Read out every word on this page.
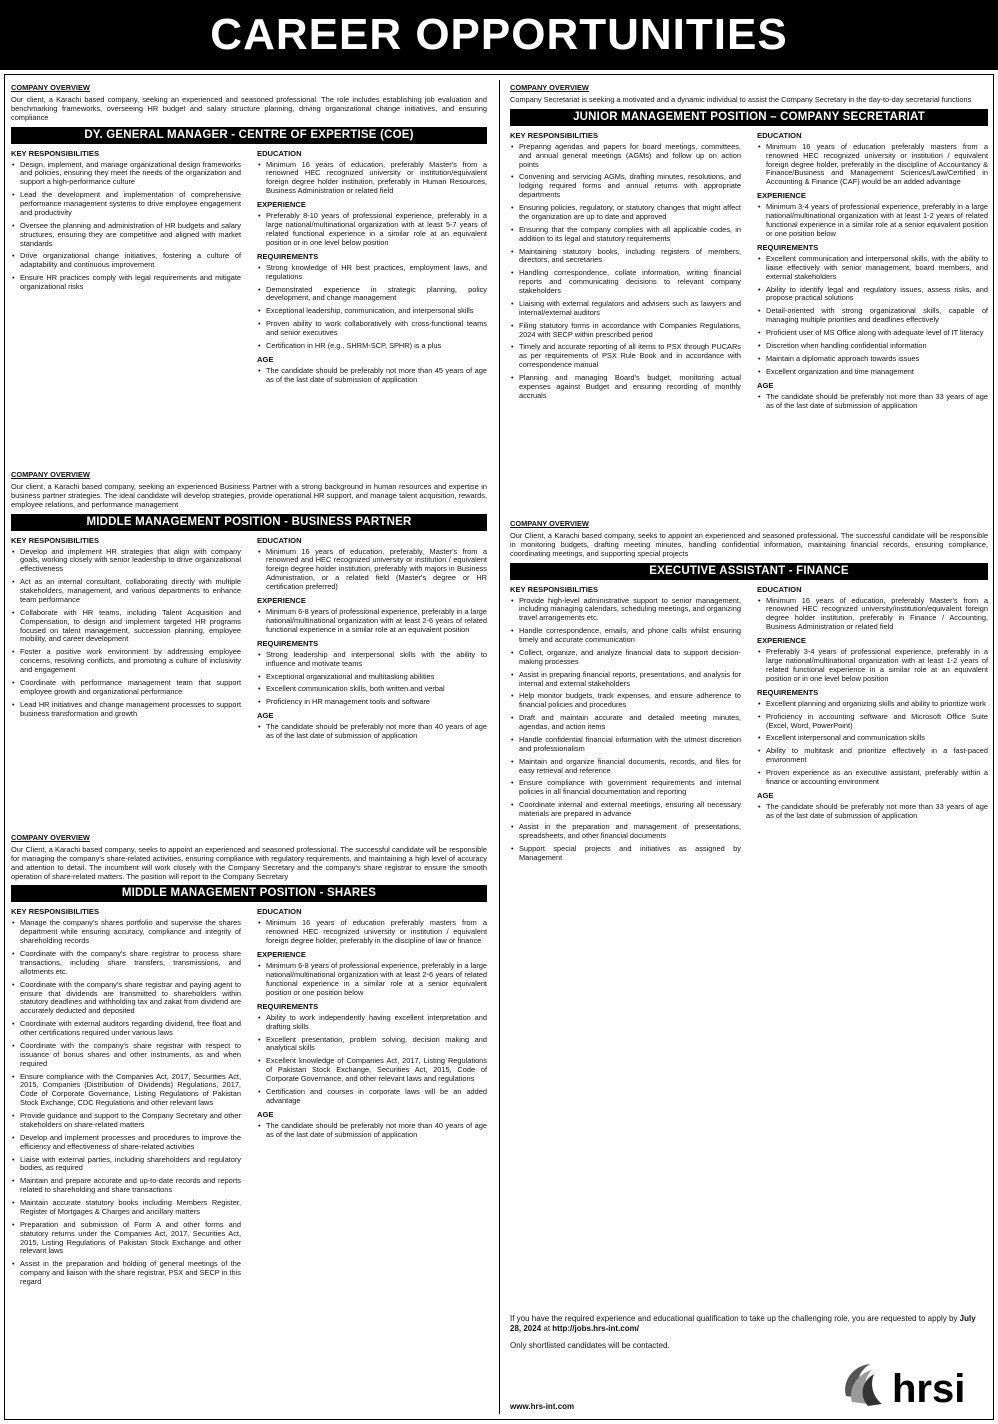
CAREER OPPORTUNITIES
COMPANY OVERVIEW
Our client, a Karachi based company, seeking an experienced and seasoned professional. The role includes establishing job evaluation and benchmarking frameworks, overseeing HR budget and salary structure planning, driving organizational change initiatives, and ensuring compliance
DY. GENERAL MANAGER - CENTRE OF EXPERTISE (COE)
KEY RESPONSIBILITIES
• Design, implement, and manage organizational design frameworks and policies, ensuring they meet the needs of the organization and support a high-performance culture
• Lead the development and implementation of comprehensive performance management systems to drive employee engagement and productivity
• Oversee the planning and administration of HR budgets and salary structures, ensuring they are competitive and aligned with market standards
• Drive organizational change initiatives, fostering a culture of adaptability and continuous improvement
• Ensure HR practices comply with legal requirements and mitigate organizational risks
EDUCATION
• Minimum 16 years of education, preferably Master's from a renowned HEC recognized university or institution/equivalent foreign degree holder institution, preferably in Human Resources, Business Administration or related field
EXPERIENCE
• Preferably 8-10 years of professional experience, preferably in a large national/multinational organization with at least 5-7 years of related functional experience in a similar role at an equivalent position or in one level below position
REQUIREMENTS
• Strong knowledge of HR best practices, employment laws, and regulations
• Demonstrated experience in strategic planning, policy development, and change management
• Exceptional leadership, communication, and interpersonal skills
• Proven ability to work collaboratively with cross-functional teams and senior executives
• Certification in HR (e.g., SHRM-SCP, SPHR) is a plus
AGE
• The candidate should be preferably not more than 45 years of age as of the last date of submission of application
COMPANY OVERVIEW
Our client, a Karachi based company, seeking an experienced Business Partner with a strong background in human resources and expertise in business partner strategies. The ideal candidate will develop strategies, provide operational HR support, and manage talent acquisition, rewards, employee relations, and performance management
MIDDLE MANAGEMENT POSITION - BUSINESS PARTNER
KEY RESPONSIBILITIES
• Develop and implement HR strategies that align with company goals, working closely with senior leadership to drive organizational effectiveness
• Act as an internal consultant, collaborating directly with multiple stakeholders, management, and various departments to enhance team performance
• Collaborate with HR teams, including Talent Acquisition and Compensation, to design and implement targeted HR programs focused on talent management, succession planning, employee mobility, and career development
• Foster a positive work environment by addressing employee concerns, resolving conflicts, and promoting a culture of inclusivity and engagement
• Coordinate with performance management team that support employee growth and organizational performance
• Lead HR initiatives and change management processes to support business transformation and growth
EDUCATION
• Minimum 16 years of education, preferably, Master's from a renowned and HEC recognized university or institution / equivalent foreign degree holder institution, preferably with majors in Business Administration, or a related field (Master's degree or HR certification preferred)
EXPERIENCE
• Minimum 6-8 years of professional experience, preferably in a large national/multinational organization with at least 2-6 years of related functional experience in a similar role at an equivalent position
REQUIREMENTS
• Strong leadership and interpersonal skills with the ability to influence and motivate teams
• Exceptional organizational and multitasking abilities
• Excellent communication skills, both written and verbal
• Proficiency in HR management tools and software
AGE
• The candidate should be preferably not more than 40 years of age as of the last date of submission of application
COMPANY OVERVIEW
Our Client, a Karachi based company, seeks to appoint an experienced and seasoned professional. The successful candidate will be responsible for managing the company's share-related activities, ensuring compliance with regulatory requirements, and maintaining a high level of accuracy and attention to detail. The incumbent will work closely with the Company Secretary and the company's share registrar to ensure the smooth operation of share-related matters. The position will report to the Company Secretary
MIDDLE MANAGEMENT POSITION - SHARES
KEY RESPONSIBILITIES
• Manage the company's shares portfolio and supervise the shares department while ensuring accuracy, compliance and integrity of shareholding records
• Coordinate with the company's share registrar to process share transactions, including share transfers, transmissions, and allotments etc.
• Coordinate with the company's share registrar and paying agent to ensure that dividends are transmitted to shareholders within statutory deadlines and withholding tax and zakat from dividend are accurately deducted and deposited
• Coordinate with external auditors regarding dividend, free float and other certifications required under various laws
• Coordinate with the company's share registrar with respect to issuance of bonus shares and other instruments, as and when required
• Ensure compliance with the Companies Act, 2017, Securities Act, 2015, Companies (Distribution of Dividends) Regulations, 2017, Code of Corporate Governance, Listing Regulations of Pakistan Stock Exchange, CDC Regulations and other relevant laws
• Provide guidance and support to the Company Secretary and other stakeholders on share-related matters
• Develop and implement processes and procedures to improve the efficiency and effectiveness of share-related activities
• Liaise with external parties, including shareholders and regulatory bodies, as required
• Maintain and prepare accurate and up-to-date records and reports related to shareholding and share transactions
• Maintain accurate statutory books including Members Register, Register of Mortgages & Charges and ancillary matters
• Preparation and submission of Form A and other forms and statutory returns under the Companies Act, 2017, Securities Act, 2015, Listing Regulations of Pakistan Stock Exchange and other relevant laws
• Assist in the preparation and holding of general meetings of the company and liaison with the share registrar, PSX and SECP in this regard
EDUCATION
• Minimum 16 years of education preferably masters from a renowned HEC recognized university or institution / equivalent foreign degree holder, preferably in the discipline of law or finance
EXPERIENCE
• Minimum 6-8 years of professional experience, preferably in a large national/multinational organization with at least 2-6 years of related functional experience in a similar role at a senior equivalent position or one position below
REQUIREMENTS
• Ability to work independently having excellent interpretation and drafting skills
• Excellent presentation, problem solving, decision making and analytical skills
• Excellent knowledge of Companies Act, 2017, Listing Regulations of Pakistan Stock Exchange, Securities Act, 2015, Code of Corporate Governance, and other relevant laws and regulations
• Certification and courses in corporate laws will be an added advantage
AGE
• The candidate should be preferably not more than 40 years of age as of the last date of submission of application
COMPANY OVERVIEW
Company Secretariat is seeking a motivated and a dynamic individual to assist the Company Secretary in the day-to-day secretarial functions
JUNIOR MANAGEMENT POSITION – COMPANY SECRETARIAT
KEY RESPONSIBILITIES
• Preparing agendas and papers for board meetings, committees, and annual general meetings (AGMs) and follow up on action points
• Convening and servicing AGMs, drafting minutes, resolutions, and lodging required forms and annual returns with appropriate departments
• Ensuring policies, regulatory, or statutory changes that might affect the organization are up to date and approved
• Ensuring that the company complies with all applicable codes, in addition to its legal and statutory requirements
• Maintaining statutory books, including registers of members, directors, and secretaries
• Handling correspondence, collate information, writing financial reports and communicating decisions to relevant company stakeholders
• Liaising with external regulators and advisers such as lawyers and internal/external auditors
• Filing statutory forms in accordance with Companies Regulations, 2024 with SECP within prescribed period
• Timely and accurate reporting of all items to PSX through PUCARs as per requirements of PSX Rule Book and in accordance with correspondence manual
• Planning and managing Board's budget, monitoring actual expenses against Budget and ensuring recording of monthly accruals
EDUCATION
• Minimum 16 years of education preferably masters from a renowned HEC recognized university or institution / equivalent foreign degree holder, preferably in the discipline of Accountancy & Finance/Business and Management Sciences/Law/Certified in Accounting & Finance (CAF) would be an added advantage
EXPERIENCE
• Minimum 3-4 years of professional experience, preferably in a large national/multinational organization with at least 1-2 years of related functional experience in a similar role at a senior equivalent position or one position below
REQUIREMENTS
• Excellent communication and interpersonal skills, with the ability to liaise effectively with senior management, board members, and external stakeholders
• Ability to identify legal and regulatory issues, assess risks, and propose practical solutions
• Detail-oriented with strong organizational skills, capable of managing multiple priorities and deadlines effectively
• Proficient user of MS Office along with adequate level of IT literacy
• Discretion when handling confidential information
• Maintain a diplomatic approach towards issues
• Excellent organization and time management
AGE
• The candidate should be preferably not more than 33 years of age as of the last date of submission of application
COMPANY OVERVIEW
Our Client, a Karachi based company, seeks to appoint an experienced and seasoned professional. The successful candidate will be responsible in monitoring budgets, drafting meeting minutes, handling confidential information, maintaining financial records, ensuring compliance, coordinating meetings, and supporting special projects
EXECUTIVE ASSISTANT - FINANCE
KEY RESPONSIBILITIES
• Provide high-level administrative support to senior management, including managing calendars, scheduling meetings, and organizing travel arrangements etc.
• Handle correspondence, emails, and phone calls whilst ensuring timely and accurate communication
• Collect, organize, and analyze financial data to support decision-making processes
• Assist in preparing financial reports, presentations, and analysis for internal and external stakeholders
• Help monitor budgets, track expenses, and ensure adherence to financial policies and procedures
• Draft and maintain accurate and detailed meeting minutes, agendas, and action items
• Handle confidential financial information with the utmost discretion and professionalism
• Maintain and organize financial documents, records, and files for easy retrieval and reference
• Ensure compliance with government requirements and internal policies in all financial documentation and reporting
• Coordinate internal and external meetings, ensuring all necessary materials are prepared in advance
• Assist in the preparation and management of presentations, spreadsheets, and other financial documents
• Support special projects and initiatives as assigned by Management
EDUCATION
• Minimum 16 years of education, preferably Master's from a renowned HEC recognized university/institution/equivalent foreign degree holder institution, preferably in Finance / Accounting, Business Administration or related field
EXPERIENCE
• Preferably 3-4 years of professional experience, preferably in a large national/multinational organization with at least 1-2 years of related functional experience in a similar role at an equivalent position or in one level below position
REQUIREMENTS
• Excellent planning and organizing skills and ability to prioritize work
• Proficiency in accounting software and Microsoft Office Suite (Excel, Word, PowerPoint)
• Excellent interpersonal and communication skills
• Ability to multitask and prioritize effectively in a fast-paced environment
• Proven experience as an executive assistant, preferably within a finance or accounting environment
AGE
• The candidate should be preferably not more than 33 years of age as of the last date of submission of application

If you have the required experience and educational qualification to take up the challenging role, you are requested to apply by July 28, 2024 at http://jobs.hrs-int.com/

Only shortlisted candidates will be contacted.

www.hrs-int.com	hrsi
